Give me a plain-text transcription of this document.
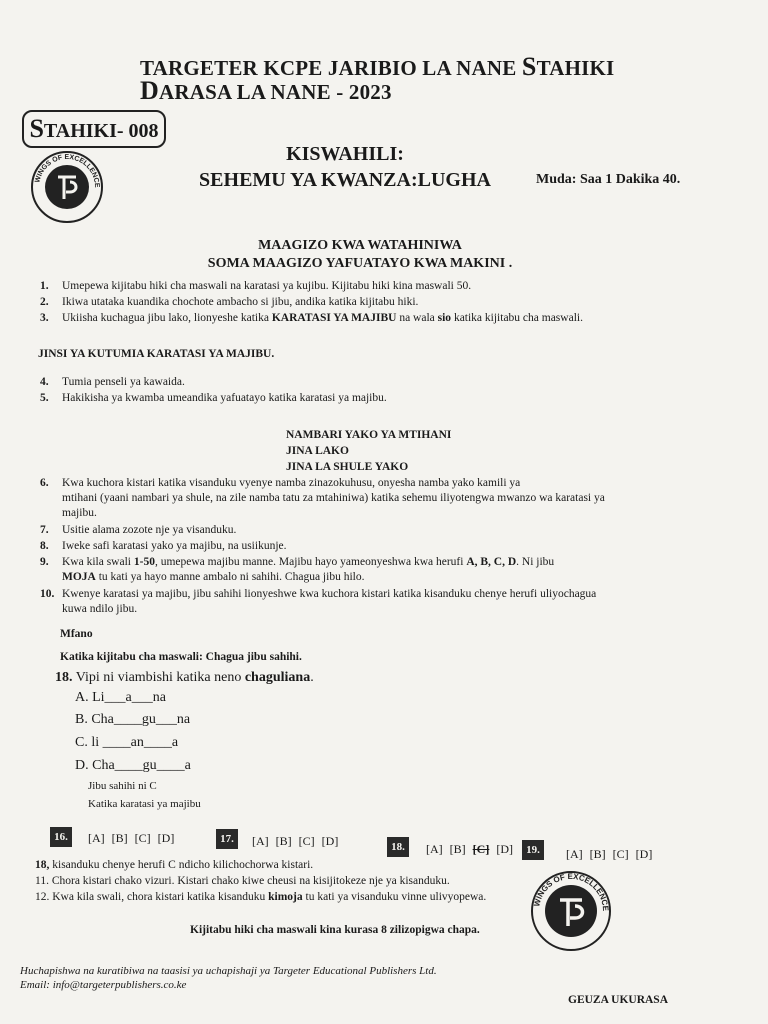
TARGETER KCPE JARIBIO LA NANE STAHIKI
DARASA LA NANE - 2023
STAHIKI- 008
WINGS OF EXCELLENCE
KISWAHILI:
SEHEMU YA KWANZA:LUGHA	Muda: Saa 1 Dakika 40.
MAAGIZO KWA WATAHINIWA
SOMA MAAGIZO YAFUATAYO KWA MAKINI .
1. Umepewa kijitabu hiki cha maswali na karatasi ya kujibu. Kijitabu hiki kina maswali 50.
2. Ikiwa utataka kuandika chochote ambacho si jibu, andika katika kijitabu hiki.
3. Ukiisha kuchagua jibu lako, lionyeshe katika KARATASI YA MAJIBU na wala sio katika kijitabu cha maswali.
JINSI YA KUTUMIA KARATASI YA MAJIBU.
4. Tumia penseli ya kawaida.
5. Hakikisha ya kwamba umeandika yafuatayo katika karatasi ya majibu.
NAMBARI YAKO YA MTIHANI
JINA LAKO
JINA LA SHULE YAKO
6. Kwa kuchora kistari katika visanduku vyenye namba zinazokuhusu, onyesha namba yako kamili ya
mtihani (yaani nambari ya shule, na zile namba tatu za mtahiniwa) katika sehemu iliyotengwa mwanzo wa karatasi ya
majibu.
7. Usitie alama zozote nje ya visanduku.
8. Iweke safi karatasi yako ya majibu, na usiikunje.
9. Kwa kila swali 1-50, umepewa majibu manne. Majibu hayo yameonyeshwa kwa herufi A, B, C, D. Ni jibu
MOJA tu kati ya hayo manne ambalo ni sahihi. Chagua jibu hilo.
10. Kwenye karatasi ya majibu, jibu sahihi lionyeshwe kwa kuchora kistari katika kisanduku chenye herufi uliyochagua
kuwa ndilo jibu.
Mfano
Katika kijitabu cha maswali: Chagua jibu sahihi.
18. Vipi ni viambishi katika neno chaguliana.
A. Li___a___na
B. Cha____gu___na
C. li ____an____a
D. Cha____gu____a
Jibu sahihi ni C
Katika karatasi ya majibu
16.	[A] [B] [C] [D]	17.	[A] [B] [C] [D]	18.	[A] [B] [C] [D]	19.	[A] [B] [C] [D]
18, kisanduku chenye herufi C ndicho kilichochorwa kistari.
11. Chora kistari chako vizuri. Kistari chako kiwe cheusi na kisijitokeze nje ya kisanduku.
12. Kwa kila swali, chora kistari katika kisanduku kimoja tu kati ya visanduku vinne ulivyopewa.	WINGS OF EXCELLENCE
Kijitabu hiki cha maswali kina kurasa 8 zilizopigwa chapa.
Huchapishwa na kuratibiwa na taasisi ya uchapishaji ya Targeter Educational Publishers Ltd.
Email: info@targeterpublishers.co.ke
GEUZA UKURASA
